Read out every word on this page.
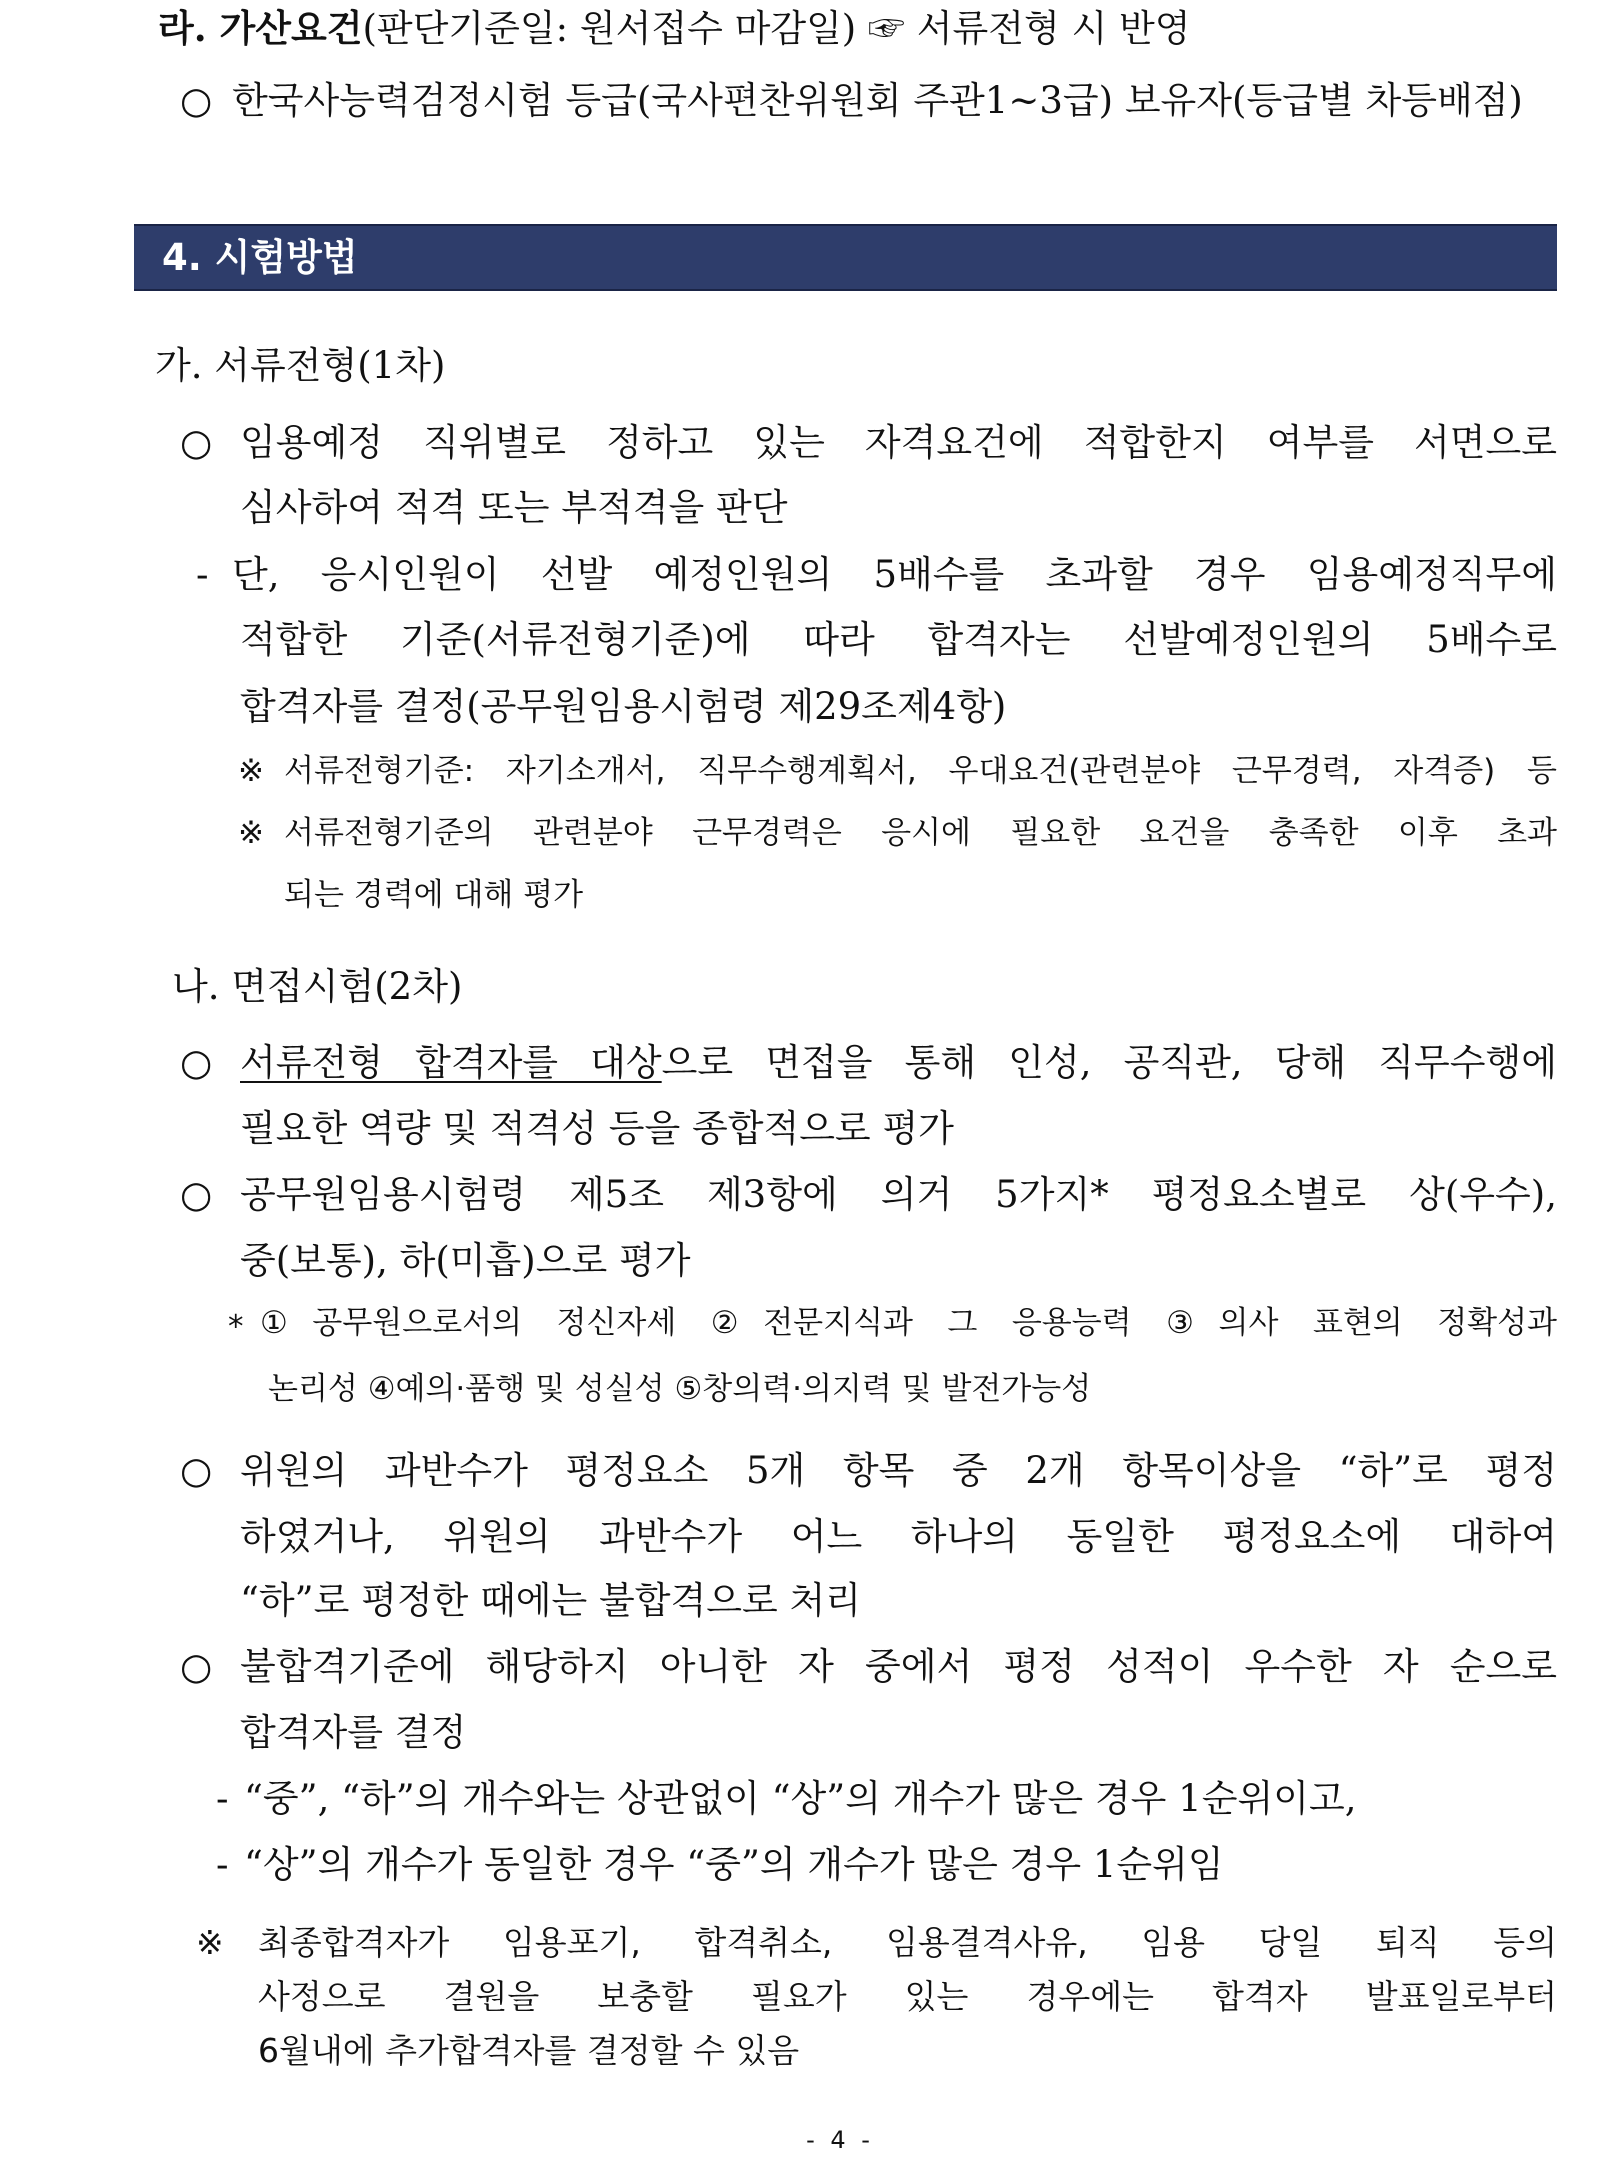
라. 가산요건(판단기준일: 원서접수 마감일) ☞ 서류전형 시 반영
○ 한국사능력검정시험 등급(국사편찬위원회 주관1~3급) 보유자(등급별 차등배점)
4. 시험방법
가. 서류전형(1차)
○ 임용예정 직위별로 정하고 있는 자격요건에 적합한지 여부를 서면으로
심사하여 적격 또는 부적격을 판단
- 단, 응시인원이 선발 예정인원의 5배수를 초과할 경우 임용예정직무에
적합한 기준(서류전형기준)에 따라 합격자는 선발예정인원의 5배수로
합격자를 결정(공무원임용시험령 제29조제4항)
※ 서류전형기준: 자기소개서, 직무수행계획서, 우대요건(관련분야 근무경력, 자격증) 등
※ 서류전형기준의 관련분야 근무경력은 응시에 필요한 요건을 충족한 이후 초과
되는 경력에 대해 평가
나. 면접시험(2차)
○ 서류전형 합격자를 대상으로 면접을 통해 인성, 공직관, 당해 직무수행에
필요한 역량 및 적격성 등을 종합적으로 평가
○ 공무원임용시험령 제5조 제3항에 의거 5가지* 평정요소별로 상(우수),
중(보통), 하(미흡)으로 평가
* ①공무원으로서의 정신자세 ②전문지식과 그 응용능력 ③의사 표현의 정확성과
논리성 ④예의·품행 및 성실성 ⑤창의력·의지력 및 발전가능성
○ 위원의 과반수가 평정요소 5개 항목 중 2개 항목이상을 “하”로 평정
하였거나, 위원의 과반수가 어느 하나의 동일한 평정요소에 대하여
“하”로 평정한 때에는 불합격으로 처리
○ 불합격기준에 해당하지 아니한 자 중에서 평정 성적이 우수한 자 순으로
합격자를 결정
- “중”, “하”의 개수와는 상관없이 “상”의 개수가 많은 경우 1순위이고,
- “상”의 개수가 동일한 경우 “중”의 개수가 많은 경우 1순위임
※ 최종합격자가 임용포기, 합격취소, 임용결격사유, 임용 당일 퇴직 등의
사정으로 결원을 보충할 필요가 있는 경우에는 합격자 발표일로부터
6월내에 추가합격자를 결정할 수 있음
- 4 -
